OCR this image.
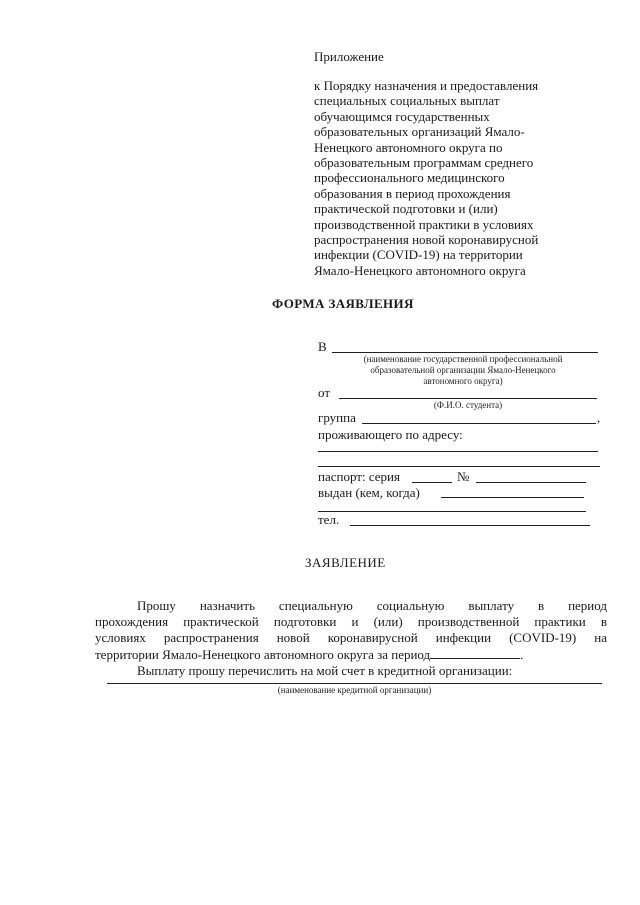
Приложение
к Порядку назначения и предоставления
специальных социальных выплат
обучающимся государственных
образовательных организаций Ямало-
Ненецкого автономного округа по
образовательным программам среднего
профессионального медицинского
образования в период прохождения
практической подготовки и (или)
производственной практики в условиях
распространения новой коронавирусной
инфекции (COVID-19) на территории
Ямало-Ненецкого автономного округа
ФОРМА ЗАЯВЛЕНИЯ
В
(наименование государственной профессиональной
образовательной организации Ямало-Ненецкого
автономного округа)
от
(Ф.И.О. студента)
группа	,
проживающего по адресу:
паспорт: серия	№
выдан (кем, когда)
тел.
ЗАЯВЛЕНИЕ
Прошу назначить специальную социальную выплату в период
прохождения практической подготовки и (или) производственной практики в
условиях распространения новой коронавирусной инфекции (COVID-19) на
территории Ямало-Ненецкого автономного округа за период	.
Выплату прошу перечислить на мой счет в кредитной организации:
(наименование кредитной организации)
